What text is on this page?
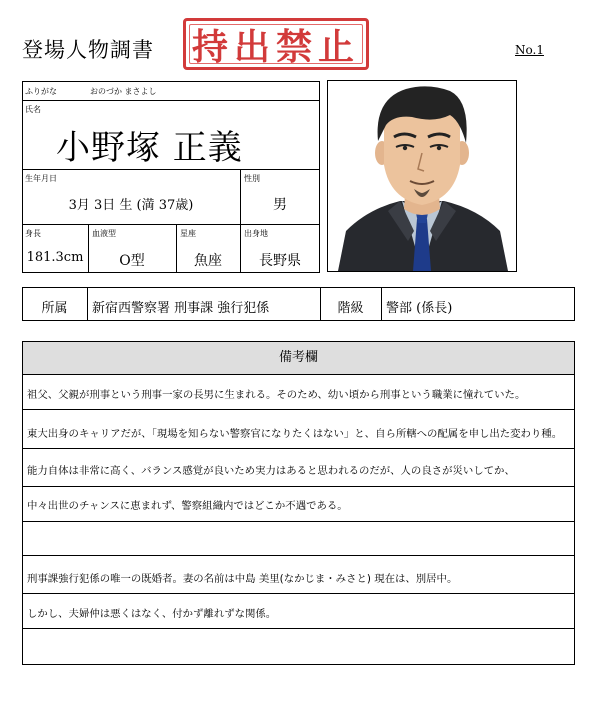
登場人物調書 持出禁止	No.1
ふりがな	おのづか まさよし
氏名
小野塚 正義
生年月日
3月 3日 生 (満 37歳)
性別
男
身長
181.3cm
血液型
O型
星座
魚座
出身地
長野県
所属	新宿西警察署 刑事課 強行犯係	階級	警部 (係長)
備考欄
祖父、父親が刑事という刑事一家の長男に生まれる。そのため、幼い頃から刑事という職業に憧れていた。
東大出身のキャリアだが、「現場を知らない警察官になりたくはない」と、自ら所轄への配属を申し出た変わり種。
能力自体は非常に高く、バランス感覚が良いため実力はあると思われるのだが、人の良さが災いしてか、
中々出世のチャンスに恵まれず、警察組織内ではどこか不遇である。
刑事課強行犯係の唯一の既婚者。妻の名前は中島 美里(なかじま・みさと) 現在は、別居中。
しかし、夫婦仲は悪くはなく、付かず離れずな関係。
